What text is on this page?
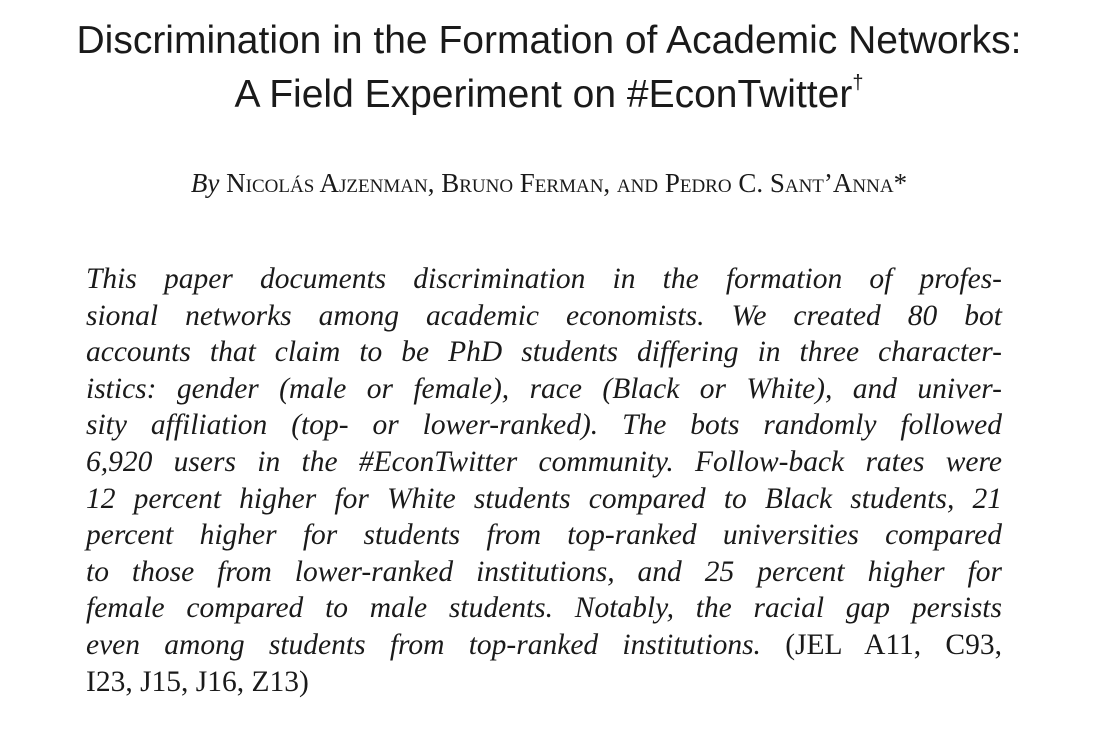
Discrimination in the Formation of Academic Networks:
A Field Experiment on #EconTwitter†
By Nicolás Ajzenman, Bruno Ferman, and Pedro C. Sant’Anna*
This paper documents discrimination in the formation of profes-
sional networks among academic economists. We created 80 bot
accounts that claim to be PhD students differing in three character-
istics: gender (male or female), race (Black or White), and univer-
sity affiliation (top- or lower-ranked). The bots randomly followed
6,920 users in the #EconTwitter community. Follow-back rates were
12 percent higher for White students compared to Black students, 21
percent higher for students from top-ranked universities compared
to those from lower-ranked institutions, and 25 percent higher for
female compared to male students. Notably, the racial gap persists
even among students from top-ranked institutions. (JEL A11, C93,
I23, J15, J16, Z13)
